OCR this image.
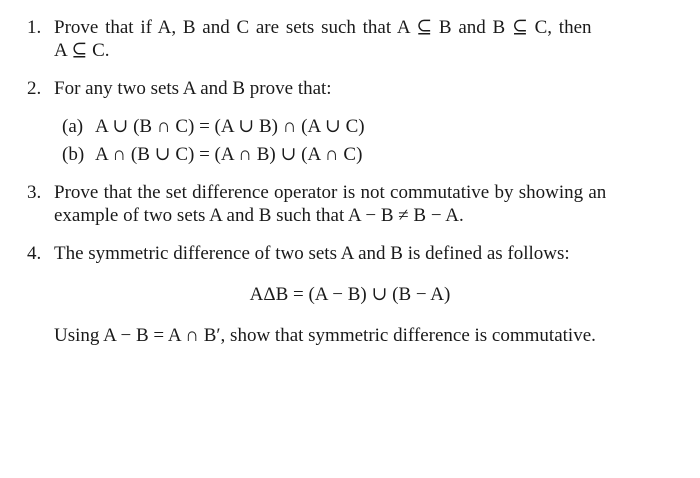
1. Prove that if A, B and C are sets such that A ⊆ B and B ⊆ C, then
A ⊆ C.
2. For any two sets A and B prove that:
(a) A ∪ (B ∩ C) = (A ∪ B) ∩ (A ∪ C)
(b) A ∩ (B ∪ C) = (A ∩ B) ∪ (A ∩ C)
3. Prove that the set difference operator is not commutative by showing an
example of two sets A and B such that A − B ≠ B − A.
4. The symmetric difference of two sets A and B is defined as follows:
AΔB = (A − B) ∪ (B − A)
Using A − B = A ∩ B′, show that symmetric difference is commutative.
